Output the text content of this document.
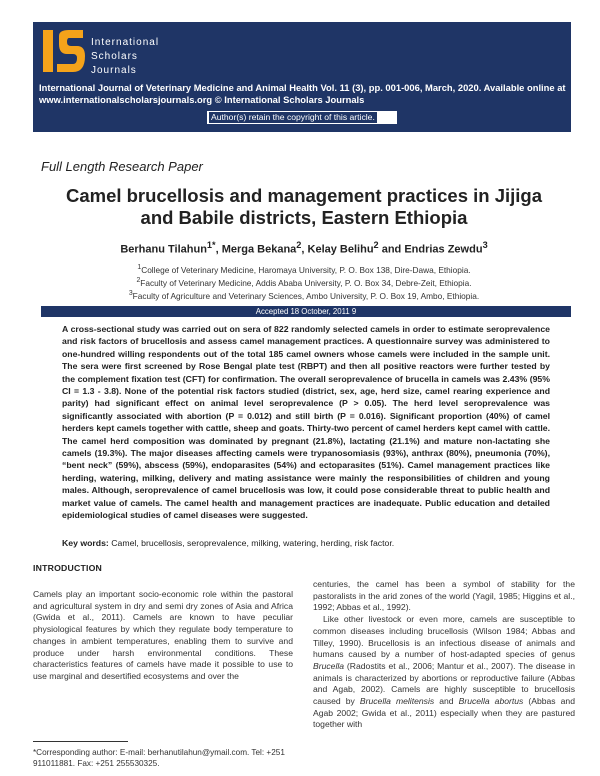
International
Scholars
Journals
International Journal of Veterinary Medicine and Animal Health Vol. 11 (3), pp. 001-006, March, 2020. Available online at www.internationalscholarsjournals.org © International Scholars Journals
Author(s) retain the copyright of this article.
Full Length Research Paper
Camel brucellosis and management practices in Jijiga and Babile districts, Eastern Ethiopia
Berhanu Tilahun$^{1*}$, Merga Bekana$^2$, Kelay Belihu$^2$ and Endrias Zewdu$^3$
$^1$College of Veterinary Medicine, Haromaya University, P. O. Box 138, Dire-Dawa, Ethiopia.
$^2$Faculty of Veterinary Medicine, Addis Ababa University, P. O. Box 34, Debre-Zeit, Ethiopia.
$^3$Faculty of Agriculture and Veterinary Sciences, Ambo University, P. O. Box 19, Ambo, Ethiopia.
Accepted 18 October, 2011 9
A cross-sectional study was carried out on sera of 822 randomly selected camels in order to estimate seroprevalence and risk factors of brucellosis and assess camel management practices. A questionnaire survey was administered to one-hundred willing respondents out of the total 185 camel owners whose camels were included in the sample unit. The sera were first screened by Rose Bengal plate test (RBPT) and then all positive reactors were further tested by the complement fixation test (CFT) for confirmation. The overall seroprevalence of brucella in camels was 2.43% (95% CI = 1.3 - 3.8). None of the potential risk factors studied (district, sex, age, herd size, camel rearing experience and parity) had significant effect on animal level seroprevalence (P > 0.05). The herd level seroprevalence was significantly associated with abortion (P = 0.012) and still birth (P = 0.016). Significant proportion (40%) of camel herders kept camels together with cattle, sheep and goats. Thirty-two percent of camel herders kept camel with cattle. The camel herd composition was dominated by pregnant (21.8%), lactating (21.1%) and mature non-lactating she camels (19.3%). The major diseases affecting camels were trypanosomiasis (93%), anthrax (80%), pneumonia (70%), “bent neck” (59%), abscess (59%), endoparasites (54%) and ectoparasites (51%). Camel management practices like herding, watering, milking, delivery and mating assistance were mainly the responsibilities of children and young males. Although, seroprevalence of camel brucellosis was low, it could pose considerable threat to public health and market value of camels. The camel health and management practices are inadequate. Public education and detailed epidemiological studies of camel diseases were suggested.
Key words: Camel, brucellosis, seroprevalence, milking, watering, herding, risk factor.
INTRODUCTION
Camels play an important socio-economic role within the pastoral and agricultural system in dry and semi dry zones of Asia and Africa (Gwida et al., 2011). Camels are known to have peculiar physiological features by which they regulate body temperature to changes in ambient temperatures, enabling them to survive and produce under harsh environmental conditions. These characteristics features of camels have made it possible to use to use marginal and desertified ecosystems and over the

centuries, the camel has been a symbol of stability for the pastoralists in the arid zones of the world (Yagil, 1985; Higgins et al., 1992; Abbas et al., 1992).

Like other livestock or even more, camels are susceptible to common diseases including brucellosis (Wilson 1984; Abbas and Tilley, 1990). Brucellosis is an infectious disease of animals and humans caused by a number of host-adapted species of genus Brucella (Radostits et al., 2006; Mantur et al., 2007). The disease in animals is characterized by abortions or reproductive failure (Abbas and Agab, 2002). Camels are highly susceptible to brucellosis caused by Brucella melitensis and Brucella abortus (Abbas and Agab 2002; Gwida et al., 2011) especially when they are pastured together with

*Corresponding author: E-mail: berhanutilahun@ymail.com. Tel: +251 911011881. Fax: +251 255530325.
